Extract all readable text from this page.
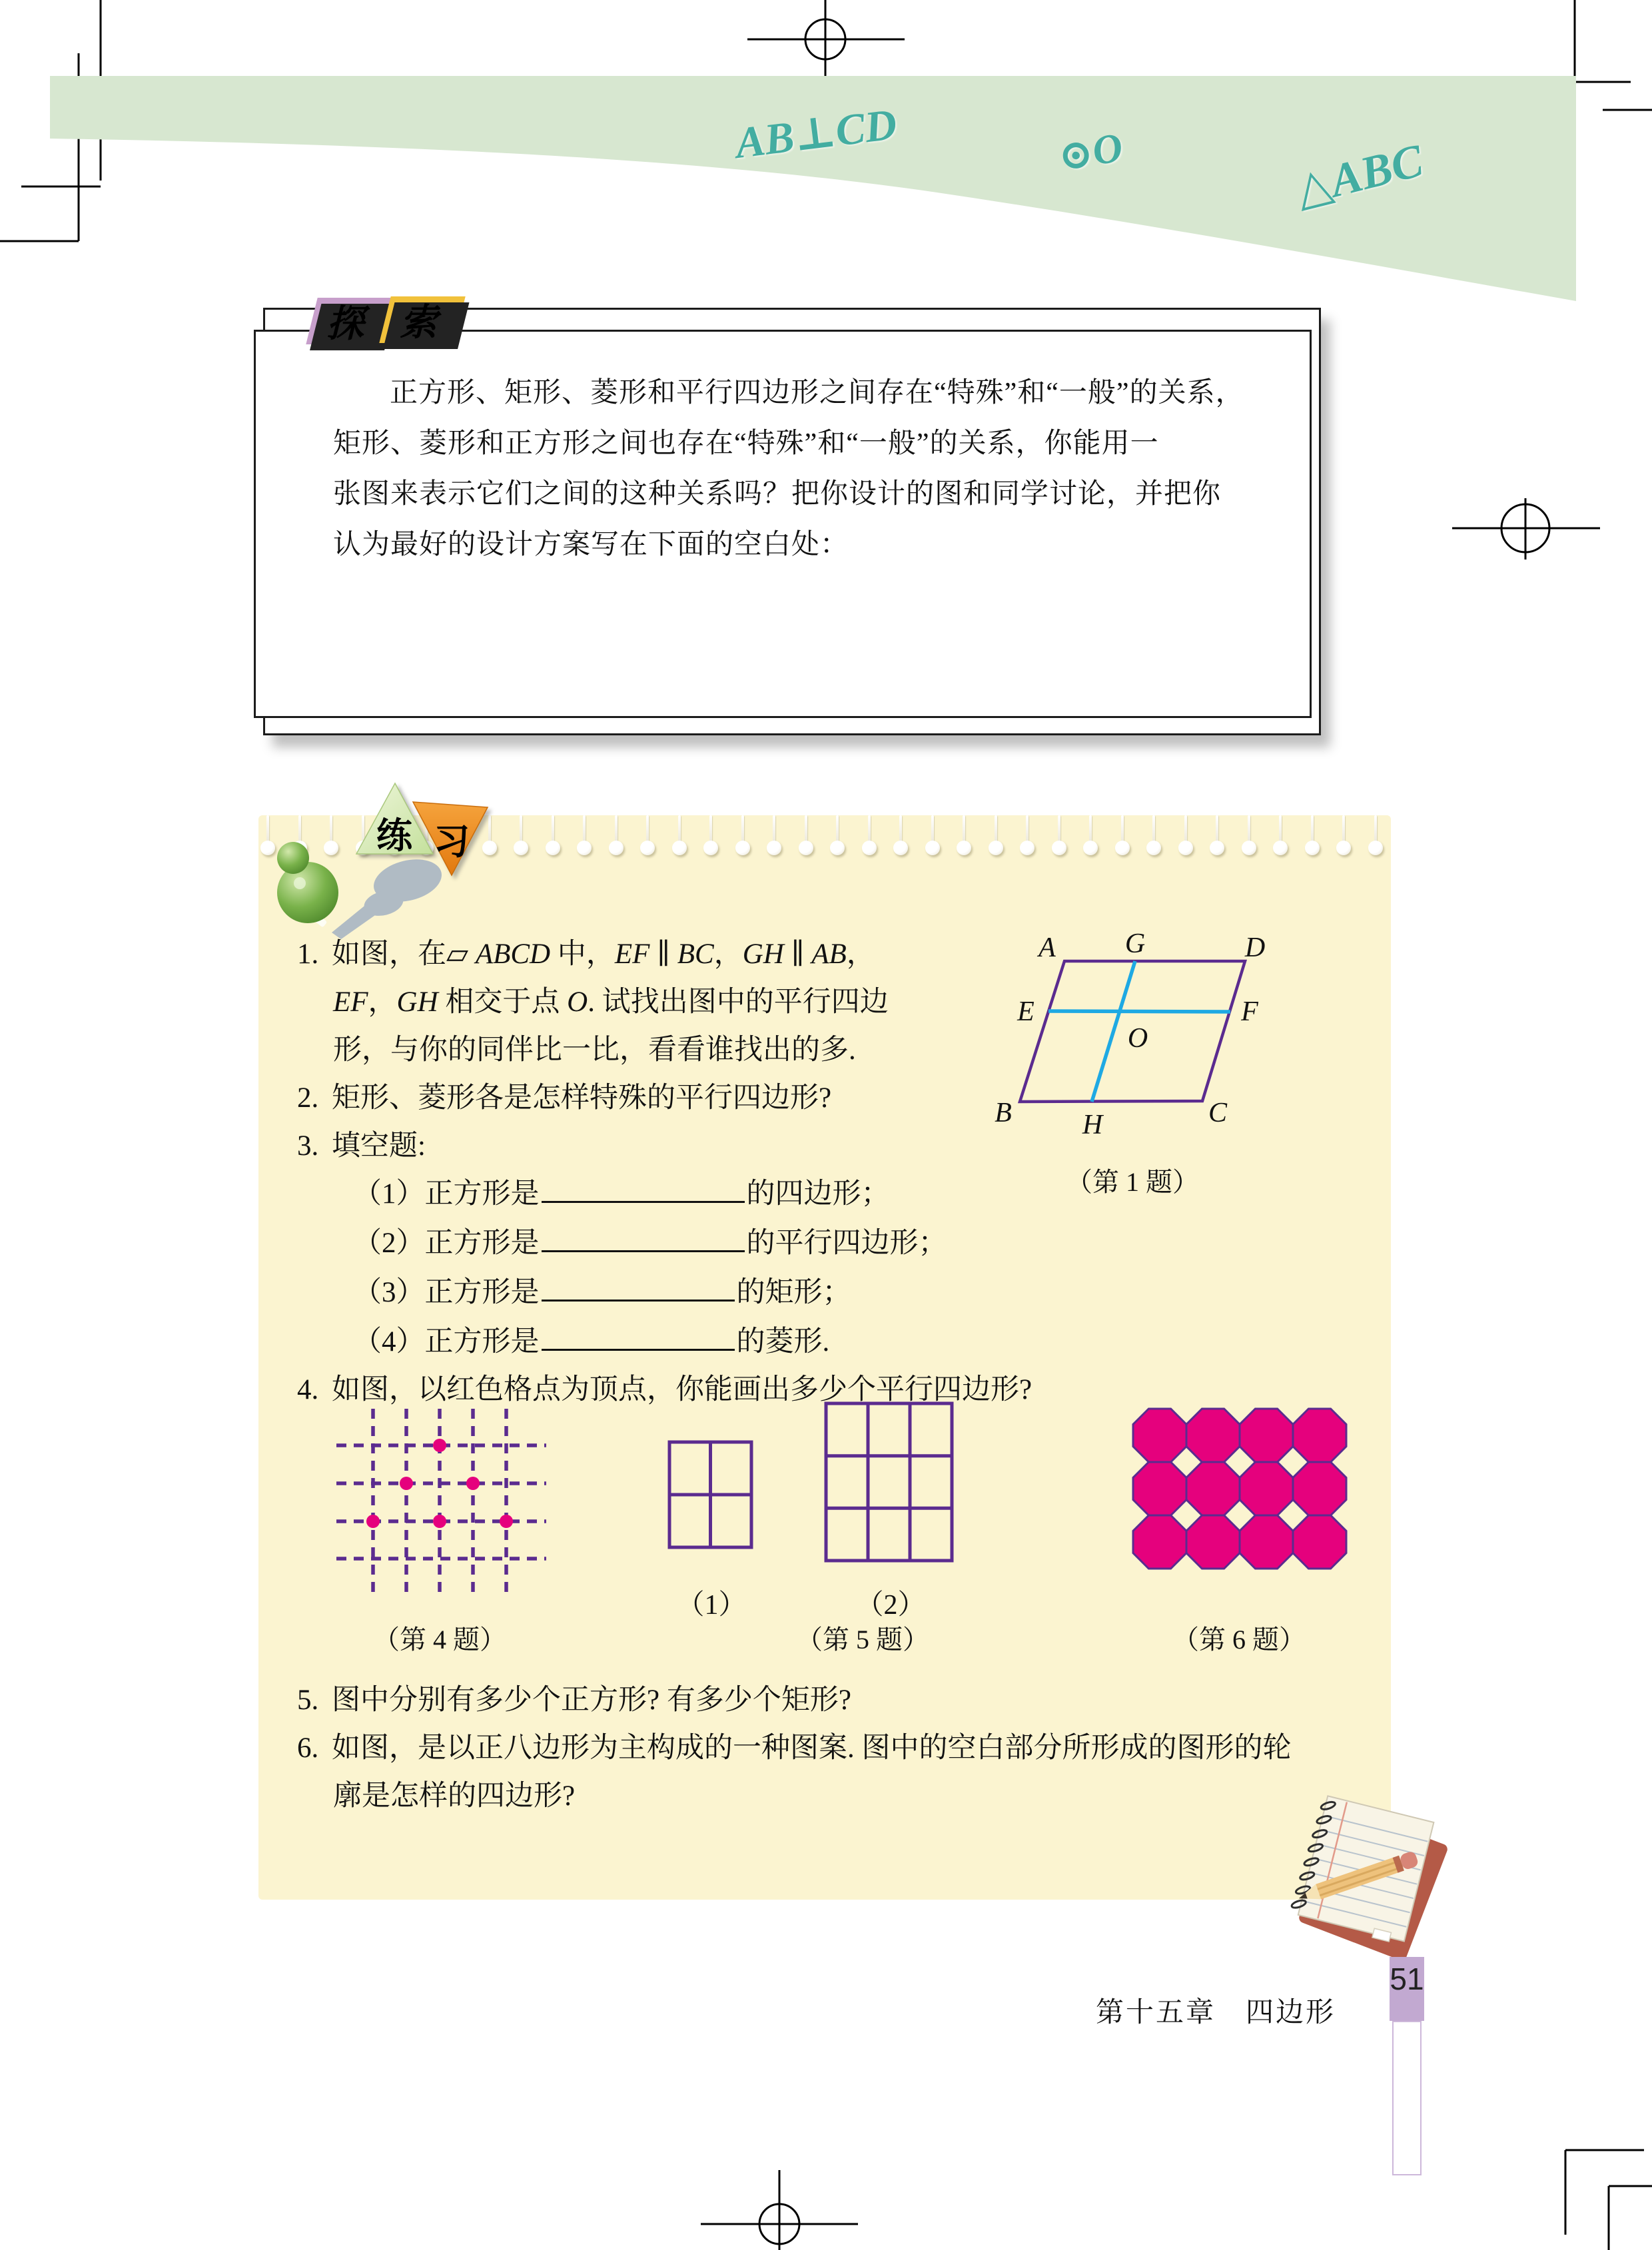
AB⊥CD	⊙O	△ABC
探 索
正方形、矩形、菱形和平行四边形之间存在“特殊”和“一般”的关系，
矩形、菱形和正方形之间也存在“特殊”和“一般”的关系，你能用一
张图来表示它们之间的这种关系吗？把你设计的图和同学讨论，并把你
认为最好的设计方案写在下面的空白处：
练 习
1. 如图，在▱ ABCD 中，EF ∥ BC，GH ∥ AB，
EF，GH 相交于点 O. 试找出图中的平行四边
形，与你的同伴比一比，看看谁找出的多.
2. 矩形、菱形各是怎样特殊的平行四边形?
3. 填空题:
（1）正方形是	的四边形；
（2）正方形是	的平行四边形；
（3）正方形是	的矩形；
（4）正方形是	的菱形.
4. 如图，以红色格点为顶点，你能画出多少个平行四边形?
5. 图中分别有多少个正方形? 有多少个矩形?
6. 如图，是以正八边形为主构成的一种图案. 图中的空白部分所形成的图形的轮
廓是怎样的四边形?
A G	D
E	F
O
B	H	C
（第 1 题）
（第 4 题）
（1）	（2）
（第 5 题）	（第 6 题）
第十五章　四边形
51
